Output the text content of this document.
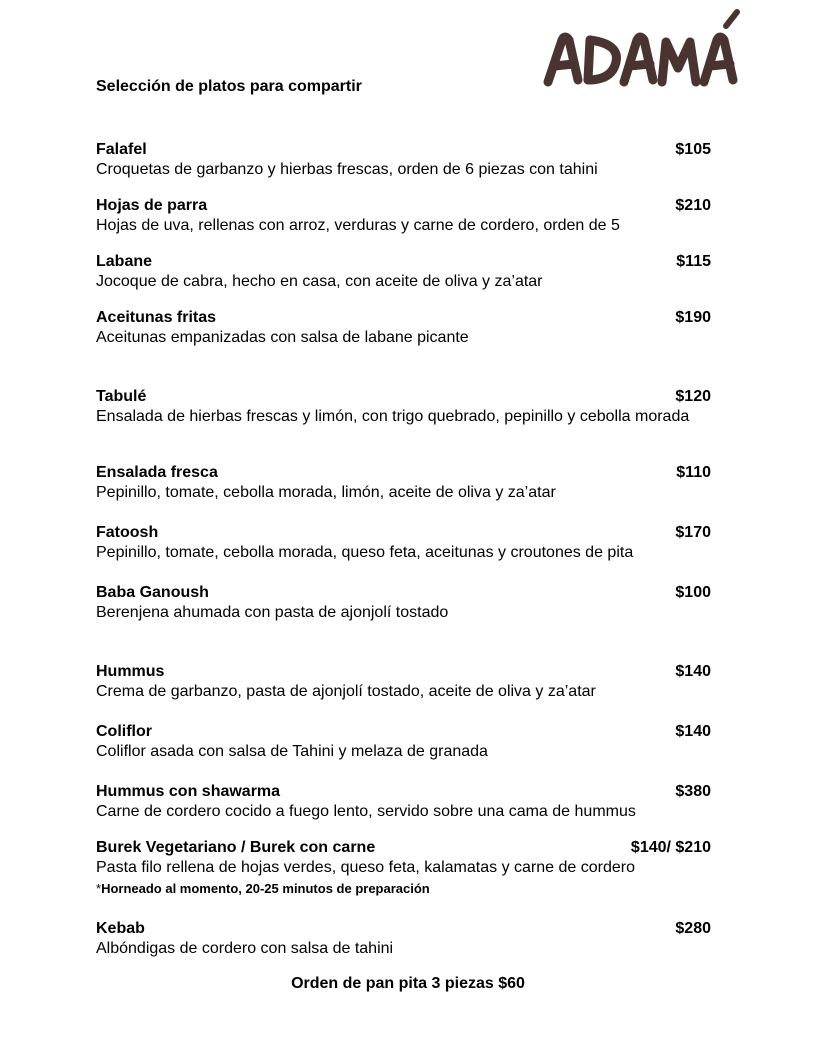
Selección de platos para compartir
Falafel	$105
Croquetas de garbanzo y hierbas frescas, orden de 6 piezas con tahini
Hojas de parra	$210
Hojas de uva, rellenas con arroz, verduras y carne de cordero, orden de 5
Labane	$115
Jocoque de cabra, hecho en casa, con aceite de oliva y za’atar
Aceitunas fritas	$190
Aceitunas empanizadas con salsa de labane picante
Tabulé	$120
Ensalada de hierbas frescas y limón, con trigo quebrado, pepinillo y cebolla morada
Ensalada fresca	$110
Pepinillo, tomate, cebolla morada, limón, aceite de oliva y za’atar
Fatoosh	$170
Pepinillo, tomate, cebolla morada, queso feta, aceitunas y croutones de pita
Baba Ganoush	$100
Berenjena ahumada con pasta de ajonjolí tostado
Hummus	$140
Crema de garbanzo, pasta de ajonjolí tostado, aceite de oliva y za’atar
Coliflor	$140
Coliflor asada con salsa de Tahini y melaza de granada
Hummus con shawarma	$380
Carne de cordero cocido a fuego lento, servido sobre una cama de hummus
Burek Vegetariano / Burek con carne	$140/ $210
Pasta filo rellena de hojas verdes, queso feta, kalamatas y carne de cordero
*Horneado al momento, 20-25 minutos de preparación
Kebab	$280
Albóndigas de cordero con salsa de tahini
Orden de pan pita 3 piezas $60
